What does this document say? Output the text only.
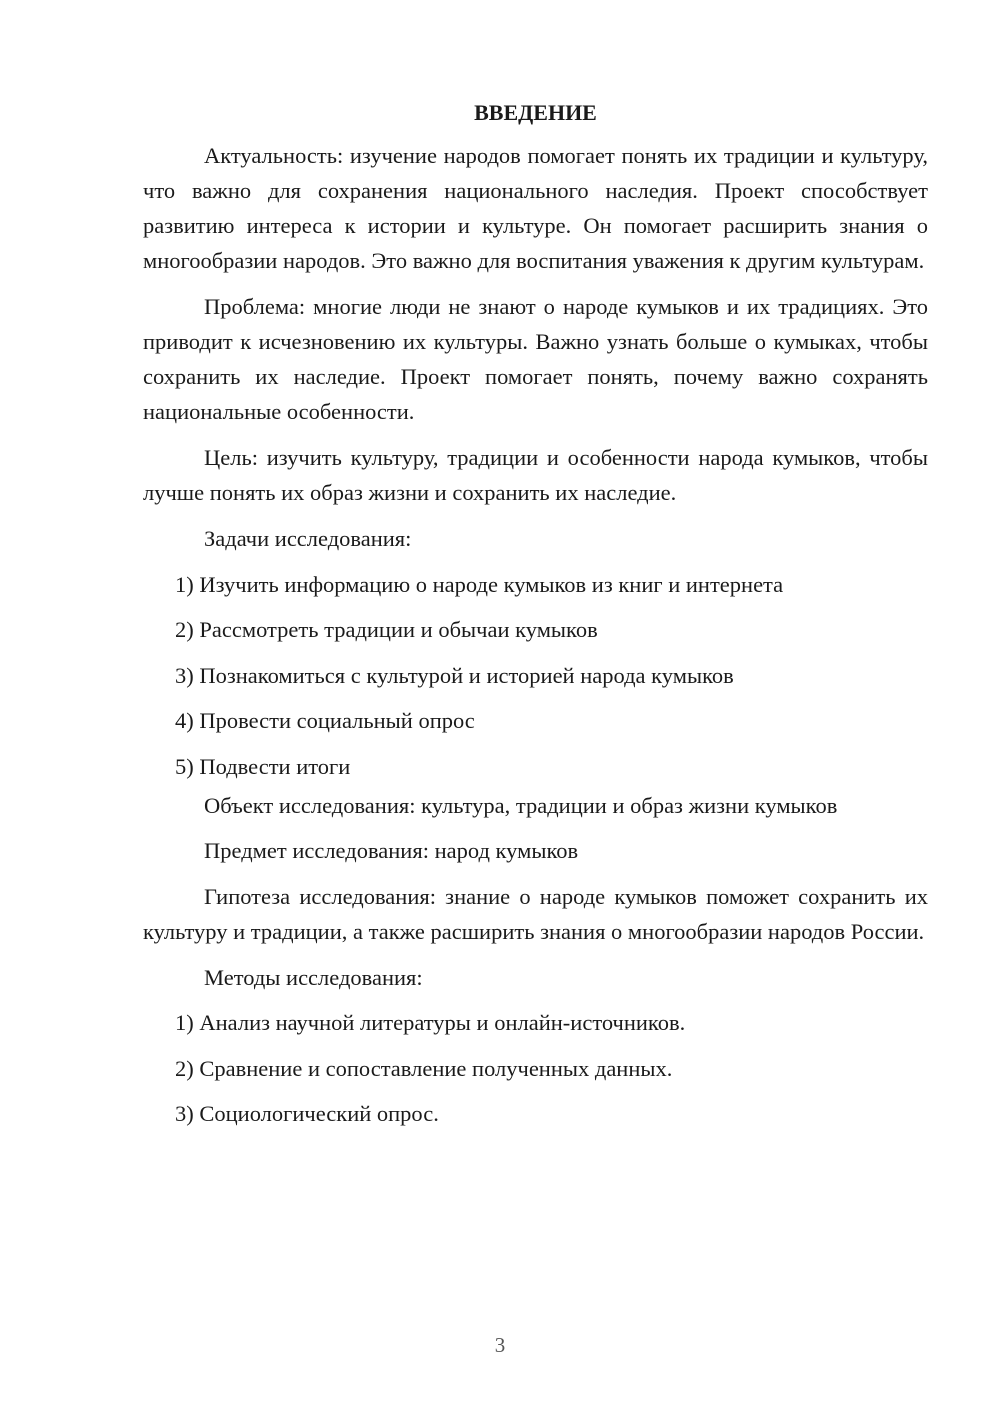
ВВЕДЕНИЕ

Актуальность: изучение народов помогает понять их традиции и культуру, что важно для сохранения национального наследия. Проект способствует развитию интереса к истории и культуре. Он помогает расширить знания о многообразии народов. Это важно для воспитания уважения к другим культурам.

Проблема: многие люди не знают о народе кумыков и их традициях. Это приводит к исчезновению их культуры. Важно узнать больше о кумыках, чтобы сохранить их наследие. Проект помогает понять, почему важно сохранять национальные особенности.

Цель: изучить культуру, традиции и особенности народа кумыков, чтобы лучше понять их образ жизни и сохранить их наследие.

Задачи исследования:

1) Изучить информацию о народе кумыков из книг и интернета

2) Рассмотреть традиции и обычаи кумыков

3) Познакомиться с культурой и историей народа кумыков

4) Провести социальный опрос

5) Подвести итоги

Объект исследования: культура, традиции и образ жизни кумыков

Предмет исследования: народ кумыков

Гипотеза исследования: знание о народе кумыков поможет сохранить их культуру и традиции, а также расширить знания о многообразии народов России.

Методы исследования:

1) Анализ научной литературы и онлайн-источников.

2) Сравнение и сопоставление полученных данных.

3) Социологический опрос.

3
